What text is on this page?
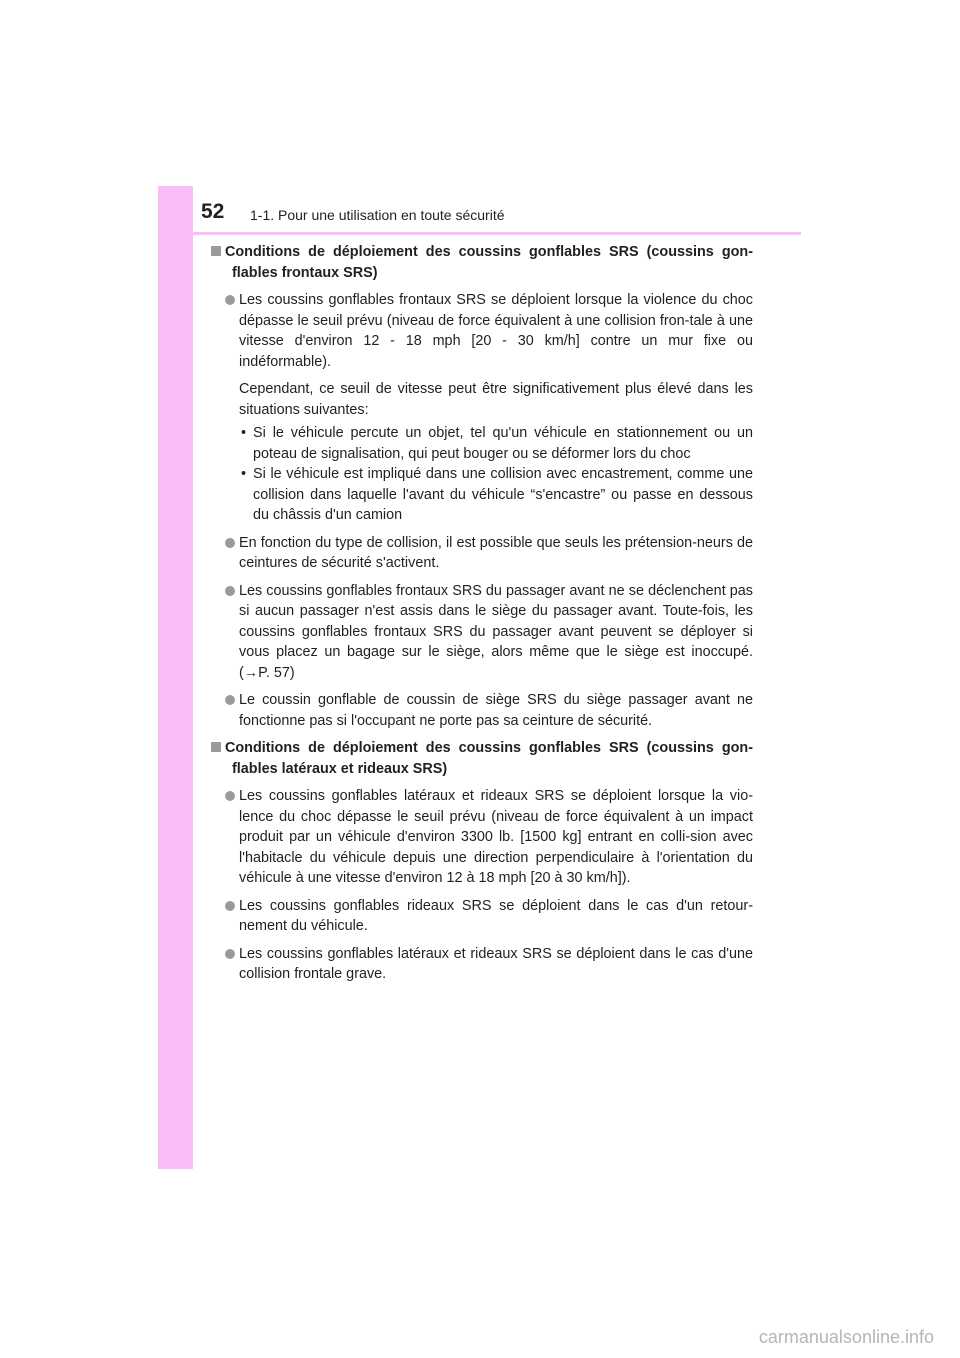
52 1-1. Pour une utilisation en toute sécurité
Conditions de déploiement des coussins gonflables SRS (coussins gon-flables frontaux SRS)
Les coussins gonflables frontaux SRS se déploient lorsque la violence du choc dépasse le seuil prévu (niveau de force équivalent à une collision fron-tale à une vitesse d'environ 12 - 18 mph [20 - 30 km/h] contre un mur fixe ou indéformable).
Cependant, ce seuil de vitesse peut être significativement plus élevé dans les situations suivantes:
• Si le véhicule percute un objet, tel qu'un véhicule en stationnement ou un poteau de signalisation, qui peut bouger ou se déformer lors du choc
• Si le véhicule est impliqué dans une collision avec encastrement, comme une collision dans laquelle l'avant du véhicule “s'encastre” ou passe en dessous du châssis d'un camion
En fonction du type de collision, il est possible que seuls les prétension-neurs de ceintures de sécurité s'activent.
Les coussins gonflables frontaux SRS du passager avant ne se déclenchent pas si aucun passager n'est assis dans le siège du passager avant. Toute-fois, les coussins gonflables frontaux SRS du passager avant peuvent se déployer si vous placez un bagage sur le siège, alors même que le siège est inoccupé. (→P. 57)
Le coussin gonflable de coussin de siège SRS du siège passager avant ne fonctionne pas si l'occupant ne porte pas sa ceinture de sécurité.
Conditions de déploiement des coussins gonflables SRS (coussins gon-flables latéraux et rideaux SRS)
Les coussins gonflables latéraux et rideaux SRS se déploient lorsque la vio-lence du choc dépasse le seuil prévu (niveau de force équivalent à un impact produit par un véhicule d'environ 3300 lb. [1500 kg] entrant en colli-sion avec l'habitacle du véhicule depuis une direction perpendiculaire à l'orientation du véhicule à une vitesse d'environ 12 à 18 mph [20 à 30 km/h]).
Les coussins gonflables rideaux SRS se déploient dans le cas d'un retour-nement du véhicule.
Les coussins gonflables latéraux et rideaux SRS se déploient dans le cas d'une collision frontale grave.
carmanualsonline.info
